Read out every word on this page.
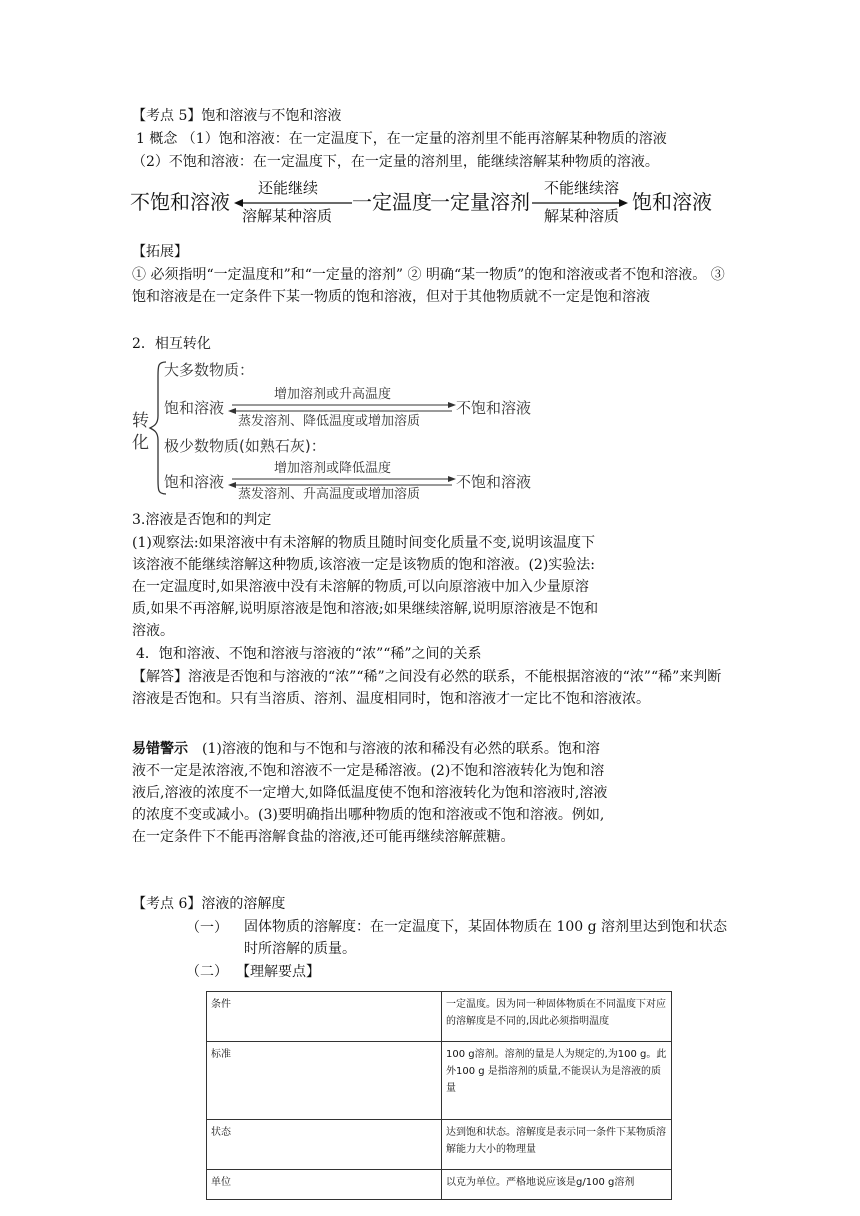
【考点 5】饱和溶液与不饱和溶液
1 概念 （1）饱和溶液：在一定温度下，在一定量的溶剂里不能再溶解某种物质的溶液
（2）不饱和溶液：在一定温度下，在一定量的溶剂里，能继续溶解某种物质的溶液。
不饱和溶液
还能继续
溶解某种溶质
一定温度
一定量溶剂
不能继续溶
解某种溶质
饱和溶液
【拓展】
① 必须指明“一定温度和”和“一定量的溶剂” ② 明确“某一物质”的饱和溶液或者不饱和溶液。 ③ 饱和溶液是在一定条件下某一物质的饱和溶液，但对于其他物质就不一定是饱和溶液
2．相互转化
转化
大多数物质：
饱和溶液
增加溶剂或升高温度
蒸发溶剂、降低温度或增加溶质
不饱和溶液
极少数物质(如熟石灰)：
饱和溶液
增加溶剂或降低温度
蒸发溶剂、升高温度或增加溶质
不饱和溶液
3.溶液是否饱和的判定
(1)观察法:如果溶液中有未溶解的物质且随时间变化质量不变,说明该温度下该溶液不能继续溶解这种物质,该溶液一定是该物质的饱和溶液。(2)实验法:在一定温度时,如果溶液中没有未溶解的物质,可以向原溶液中加入少量原溶质,如果不再溶解,说明原溶液是饱和溶液;如果继续溶解,说明原溶液是不饱和溶液。
4．饱和溶液、不饱和溶液与溶液的“浓”“稀”之间的关系
【解答】溶液是否饱和与溶液的“浓”“稀”之间没有必然的联系，不能根据溶液的“浓”“稀”来判断溶液是否饱和。只有当溶质、溶剂、温度相同时，饱和溶液才一定比不饱和溶液浓。
易错警示 (1)溶液的饱和与不饱和与溶液的浓和稀没有必然的联系。饱和溶液不一定是浓溶液,不饱和溶液不一定是稀溶液。(2)不饱和溶液转化为饱和溶液后,溶液的浓度不一定增大,如降低温度使不饱和溶液转化为饱和溶液时,溶液的浓度不变或减小。(3)要明确指出哪种物质的饱和溶液或不饱和溶液。例如,在一定条件下不能再溶解食盐的溶液,还可能再继续溶解蔗糖。
【考点 6】溶液的溶解度
（一） 固体物质的溶解度：在一定温度下，某固体物质在 100 g 溶剂里达到饱和状态时所溶解的质量。
（二） 【理解要点】
条件	一定温度。因为同一种固体物质在不同温度下对应的溶解度是不同的,因此必须指明温度
标准	100 g溶剂。溶剂的量是人为规定的,为100 g。此外100 g 是指溶剂的质量,不能误认为是溶液的质量
状态	达到饱和状态。溶解度是表示同一条件下某物质溶解能力大小的物理量
单位	以克为单位。严格地说应该是g/100 g溶剂
